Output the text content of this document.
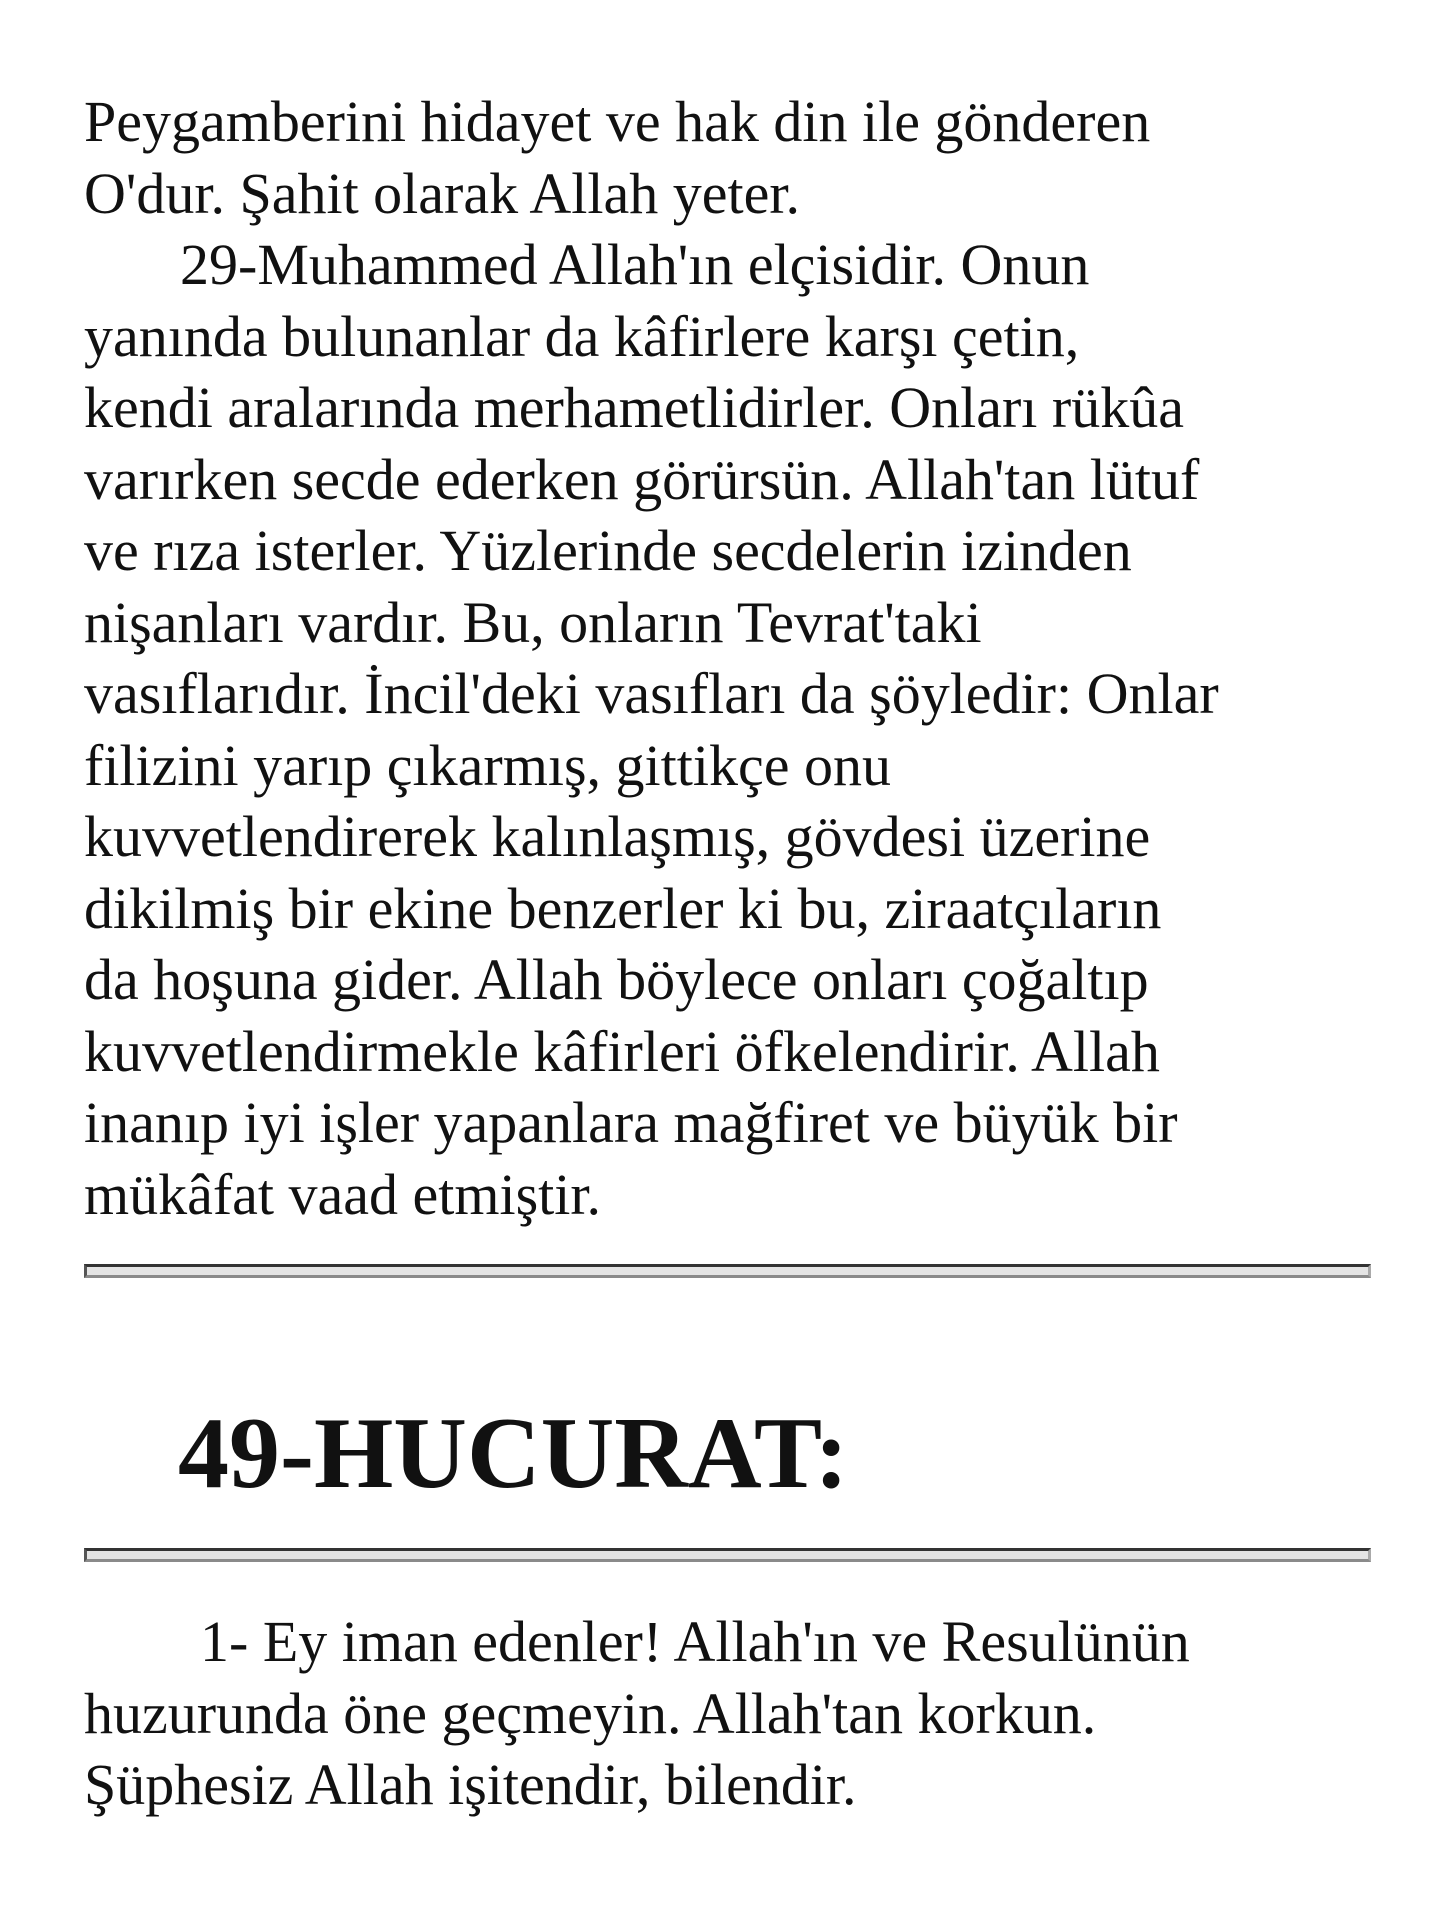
Peygamberini hidayet ve hak din ile gönderen
O'dur. Şahit olarak Allah yeter.
29-Muhammed Allah'ın elçisidir. Onun
yanında bulunanlar da kâfirlere karşı çetin,
kendi aralarında merhametlidirler. Onları rükûa
varırken secde ederken görürsün. Allah'tan lütuf
ve rıza isterler. Yüzlerinde secdelerin izinden
nişanları vardır. Bu, onların Tevrat'taki
vasıflarıdır. İncil'deki vasıfları da şöyledir: Onlar
filizini yarıp çıkarmış, gittikçe onu
kuvvetlendirerek kalınlaşmış, gövdesi üzerine
dikilmiş bir ekine benzerler ki bu, ziraatçıların
da hoşuna gider. Allah böylece onları çoğaltıp
kuvvetlendirmekle kâfirleri öfkelendirir. Allah
inanıp iyi işler yapanlara mağfiret ve büyük bir
mükâfat vaad etmiştir.
49-HUCURAT:
1- Ey iman edenler! Allah'ın ve Resulünün
huzurunda öne geçmeyin. Allah'tan korkun.
Şüphesiz Allah işitendir, bilendir.
